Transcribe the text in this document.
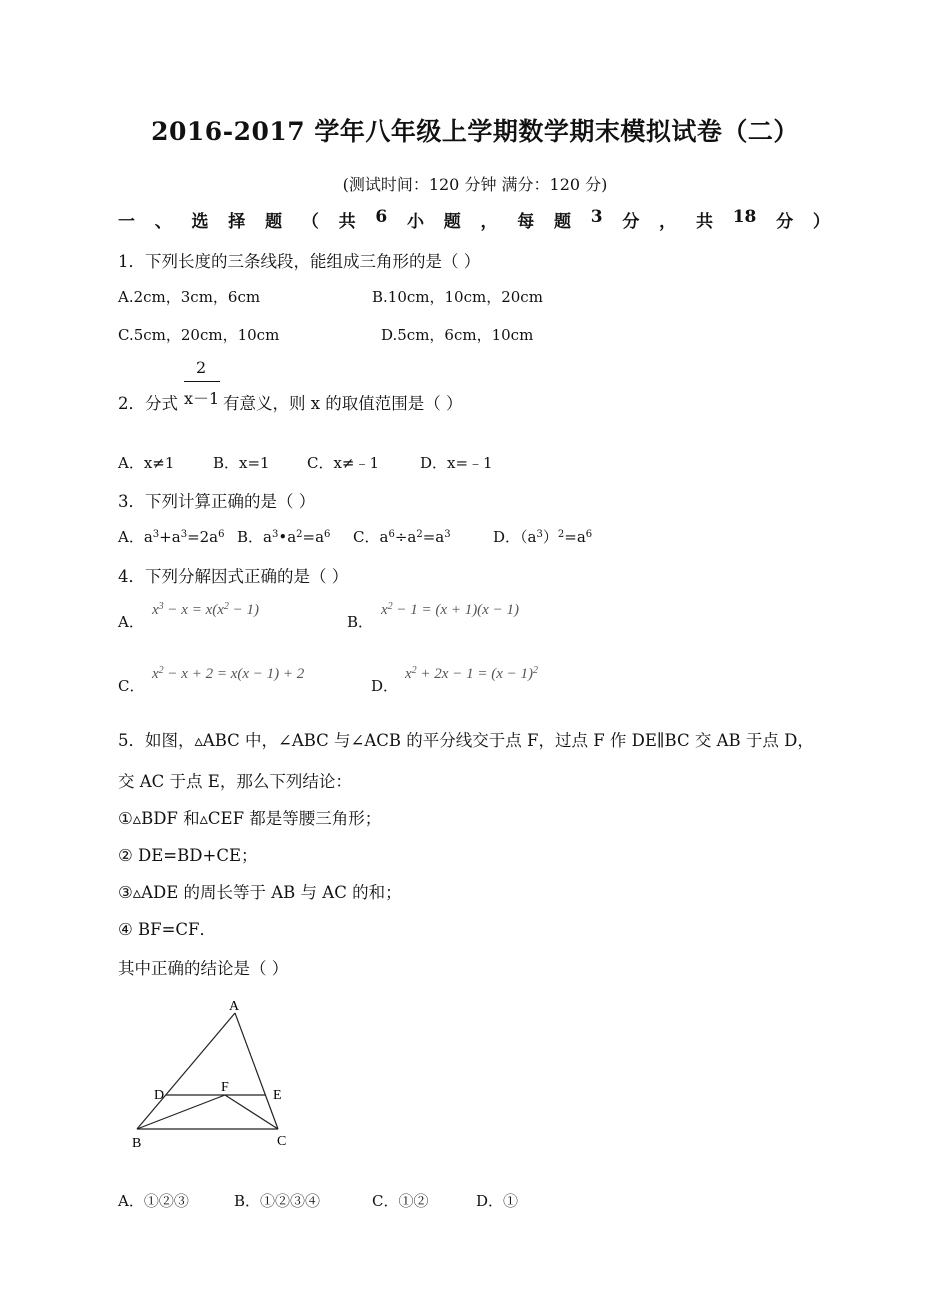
2016-2017 学年八年级上学期数学期末模拟试卷（二）
(测试时间：120 分钟 满分：120 分)
一 、 选 择 题 （ 共 6 小 题 ， 每 题 3 分 ， 共 18 分 ）
1．下列长度的三条线段，能组成三角形的是（ ）
A.2cm，3cm，6cm	B.10cm，10cm，20cm
C.5cm，20cm，10cm	D.5cm，6cm，10cm
2．分式
2
x－1 有意义，则 x 的取值范围是（ ）
A．x≠1	B．x=1 C．x≠﹣1	D．x=﹣1
3．下列计算正确的是（ ）
A．$a^3+a^3=2a^6$ B．$a^3•a^2=a^6$ C．$a^6\div a^2=a^3$	D．$(a^3)^2=a^6$
4．下列分解因式正确的是（ ）
A．
$x^3 - x = x(x^2 - 1)$
B．
$x^2 - 1 = (x + 1)(x - 1)$
C．
$x^2 - x + 2 = x(x - 1) + 2$
D．
$x^2 + 2x - 1 = (x - 1)^2$
5．如图，▵ABC 中，∠ABC 与∠ACB 的平分线交于点 F，过点 F 作 DE∥BC 交 AB 于点 D，
交 AC 于点 E，那么下列结论：
①▵BDF 和▵CEF 都是等腰三角形；
② DE=BD+CE；
③▵ADE 的周长等于 AB 与 AC 的和；
④ BF=CF．
其中正确的结论是（ ）
A
D
F
E
B	C
A．①②③	B．①②③④	C．①②	D．①
